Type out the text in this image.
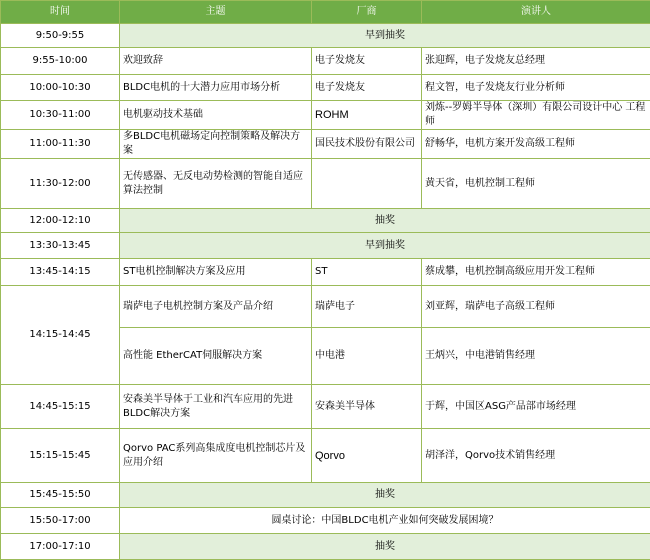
时间	主题	厂商	演讲人
9:50-9:55	早到抽奖		
9:55-10:00	欢迎致辞	电子发烧友	张迎辉，电子发烧友总经理
10:00-10:30	BLDC电机的十大潜力应用市场分析	电子发烧友	程文智，电子发烧友行业分析师
10:30-11:00	电机驱动技术基础	ROHM	刘炼--罗姆半导体（深圳）有限公司设计中心 工程师
11:00-11:30	多BLDC电机磁场定向控制策略及解决方案	国民技术股份有限公司	舒畅华，电机方案开发高级工程师
11:30-12:00	无传感器、无反电动势检测的智能自适应算法控制		黄天省，电机控制工程师
12:00-12:10	抽奖		
13:30-13:45	早到抽奖		
13:45-14:15	ST电机控制解决方案及应用	ST	蔡成攀，电机控制高级应用开发工程师
14:15-14:45	瑞萨电子电机控制方案及产品介绍	瑞萨电子	刘亚辉，瑞萨电子高级工程师
	高性能 EtherCAT伺服解决方案	中电港	王炳兴，中电港销售经理
14:45-15:15	安森美半导体于工业和汽车应用的先进BLDC解决方案	安森美半导体	于辉，中国区ASG产品部市场经理
15:15-15:45	Qorvo PAC系列高集成度电机控制芯片及应用介绍	Qorvo	胡泽洋，Qorvo技术销售经理
15:45-15:50	抽奖		
15:50-17:00	圆桌讨论：中国BLDC电机产业如何突破发展困境？		
17:00-17:10	抽奖		
